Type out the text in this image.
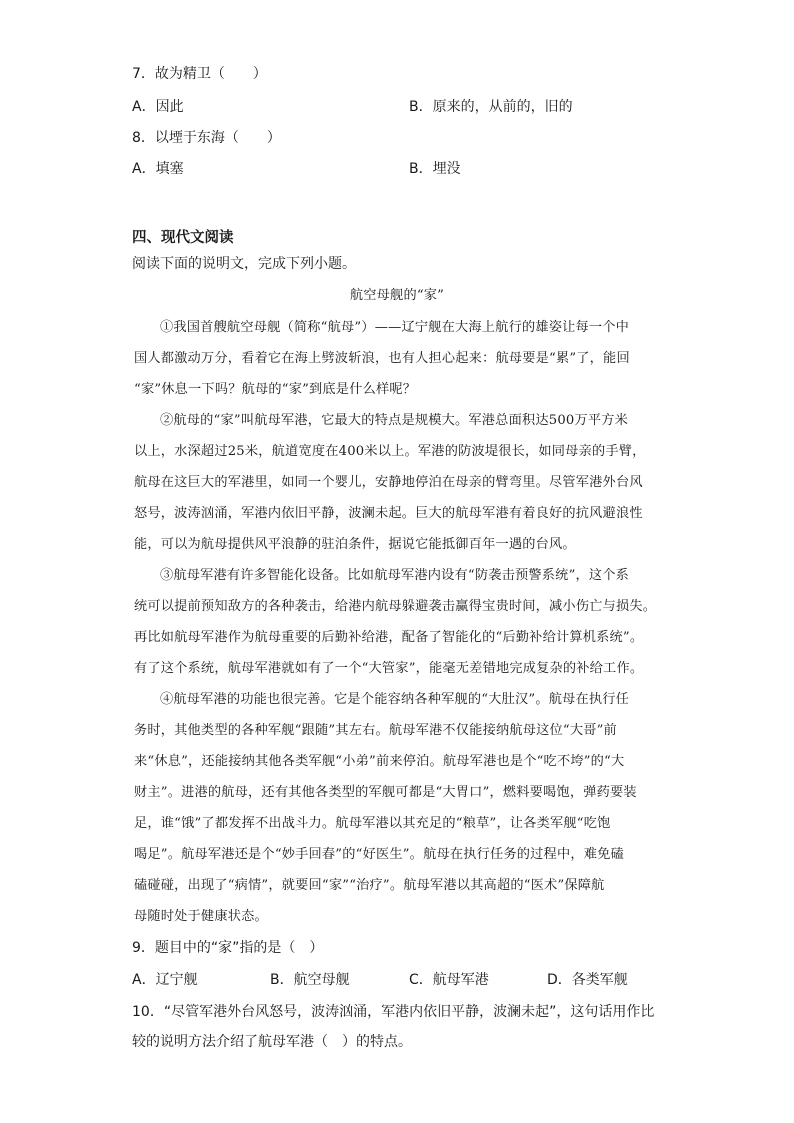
7．故为精卫（　　）
A．因此	B．原来的，从前的，旧的
8．以堙于东海（　　）
A．填塞	B．埋没
四、现代文阅读
阅读下面的说明文，完成下列小题。
航空母舰的“家”
①我国首艘航空母舰（简称“航母”）——辽宁舰在大海上航行的雄姿让每一个中
国人都激动万分，看着它在海上劈波斩浪，也有人担心起来：航母要是“累”了，能回
“家”休息一下吗？航母的“家”到底是什么样呢？
②航母的“家”叫航母军港，它最大的特点是规模大。军港总面积达500万平方米
以上，水深超过25米，航道宽度在400米以上。军港的防波堤很长，如同母亲的手臂，
航母在这巨大的军港里，如同一个婴儿，安静地停泊在母亲的臂弯里。尽管军港外台风
怒号，波涛汹涌，军港内依旧平静，波澜未起。巨大的航母军港有着良好的抗风避浪性
能，可以为航母提供风平浪静的驻泊条件，据说它能抵御百年一遇的台风。
③航母军港有许多智能化设备。比如航母军港内设有“防袭击预警系统”，这个系
统可以提前预知敌方的各种袭击，给港内航母躲避袭击赢得宝贵时间，减小伤亡与损失。
再比如航母军港作为航母重要的后勤补给港，配备了智能化的“后勤补给计算机系统”。
有了这个系统，航母军港就如有了一个“大管家”，能毫无差错地完成复杂的补给工作。
④航母军港的功能也很完善。它是个能容纳各种军舰的“大肚汉”。航母在执行任
务时，其他类型的各种军舰“跟随”其左右。航母军港不仅能接纳航母这位“大哥”前
来“休息”，还能接纳其他各类军舰“小弟”前来停泊。航母军港也是个“吃不垮”的“大
财主”。进港的航母，还有其他各类型的军舰可都是“大胃口”，燃料要喝饱，弹药要装
足，谁“饿”了都发挥不出战斗力。航母军港以其充足的“粮草”，让各类军舰“吃饱
喝足”。航母军港还是个“妙手回春”的“好医生”。航母在执行任务的过程中，难免磕
磕碰碰，出现了“病情”，就要回“家”“治疗”。航母军港以其高超的“医术”保障航
母随时处于健康状态。
9．题目中的“家”指的是（　）
A．辽宁舰	B．航空母舰	C．航母军港	D．各类军舰
10．“尽管军港外台风怒号，波涛汹涌，军港内依旧平静，波澜未起”，这句话用作比
较的说明方法介绍了航母军港（　）的特点。
